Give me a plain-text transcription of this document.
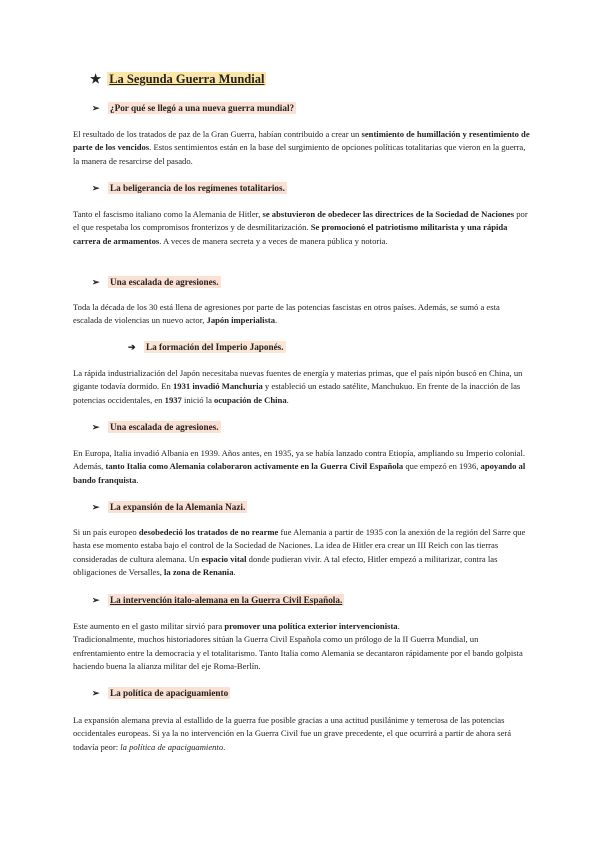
★ La Segunda Guerra Mundial
➢ ¿Por qué se llegó a una nueva guerra mundial?
El resultado de los tratados de paz de la Gran Guerra, habían contribuido a crear un sentimiento de humillación y resentimiento de parte de los vencidos. Estos sentimientos están en la base del surgimiento de opciones políticas totalitarias que vieron en la guerra, la manera de resarcirse del pasado.
➢ La beligerancia de los regímenes totalitarios.
Tanto el fascismo italiano como la Alemania de Hitler, se abstuvieron de obedecer las directrices de la Sociedad de Naciones por el que respetaba los compromisos fronterizos y de desmilitarización. Se promocionó el patriotismo militarista y una rápida carrera de armamentos. A veces de manera secreta y a veces de manera pública y notoria.
➢ Una escalada de agresiones.
Toda la década de los 30 está llena de agresiones por parte de las potencias fascistas en otros países. Además, se sumó a esta escalada de violencias un nuevo actor, Japón imperialista.
➔ La formación del Imperio Japonés.
La rápida industrialización del Japón necesitaba nuevas fuentes de energía y materias primas, que el país nipón buscó en China, un gigante todavía dormido. En 1931 invadió Manchuria y estableció un estado satélite, Manchukuo. En frente de la inacción de las potencias occidentales, en 1937 inició la ocupación de China.
➢ Una escalada de agresiones.
En Europa, Italia invadió Albania en 1939. Años antes, en 1935, ya se había lanzado contra Etiopía, ampliando su Imperio colonial. Además, tanto Italia como Alemania colaboraron activamente en la Guerra Civil Española que empezó en 1936, apoyando al bando franquista.
➢ La expansión de la Alemania Nazi.
Si un país europeo desobedeció los tratados de no rearme fue Alemania a partir de 1935 con la anexión de la región del Sarre que hasta ese momento estaba bajo el control de la Sociedad de Naciones. La idea de Hitler era crear un III Reich con las tierras consideradas de cultura alemana. Un espacio vital donde pudieran vivir. A tal efecto, Hitler empezó a militarizar, contra las obligaciones de Versalles, la zona de Renania.
➢ La intervención italo-alemana en la Guerra Civil Española.
Este aumento en el gasto militar sirvió para promover una política exterior intervencionista.
Tradicionalmente, muchos historiadores sitúan la Guerra Civil Española como un prólogo de la II Guerra Mundial, un enfrentamiento entre la democracia y el totalitarismo. Tanto Italia como Alemania se decantaron rápidamente por el bando golpista haciendo buena la alianza militar del eje Roma-Berlín.
➢ La política de apaciguamiento
La expansión alemana previa al estallido de la guerra fue posible gracias a una actitud pusilánime y temerosa de las potencias occidentales europeas. Si ya la no intervención en la Guerra Civil fue un grave precedente, el que ocurrirá a partir de ahora será todavía peor: la política de apaciguamiento.
